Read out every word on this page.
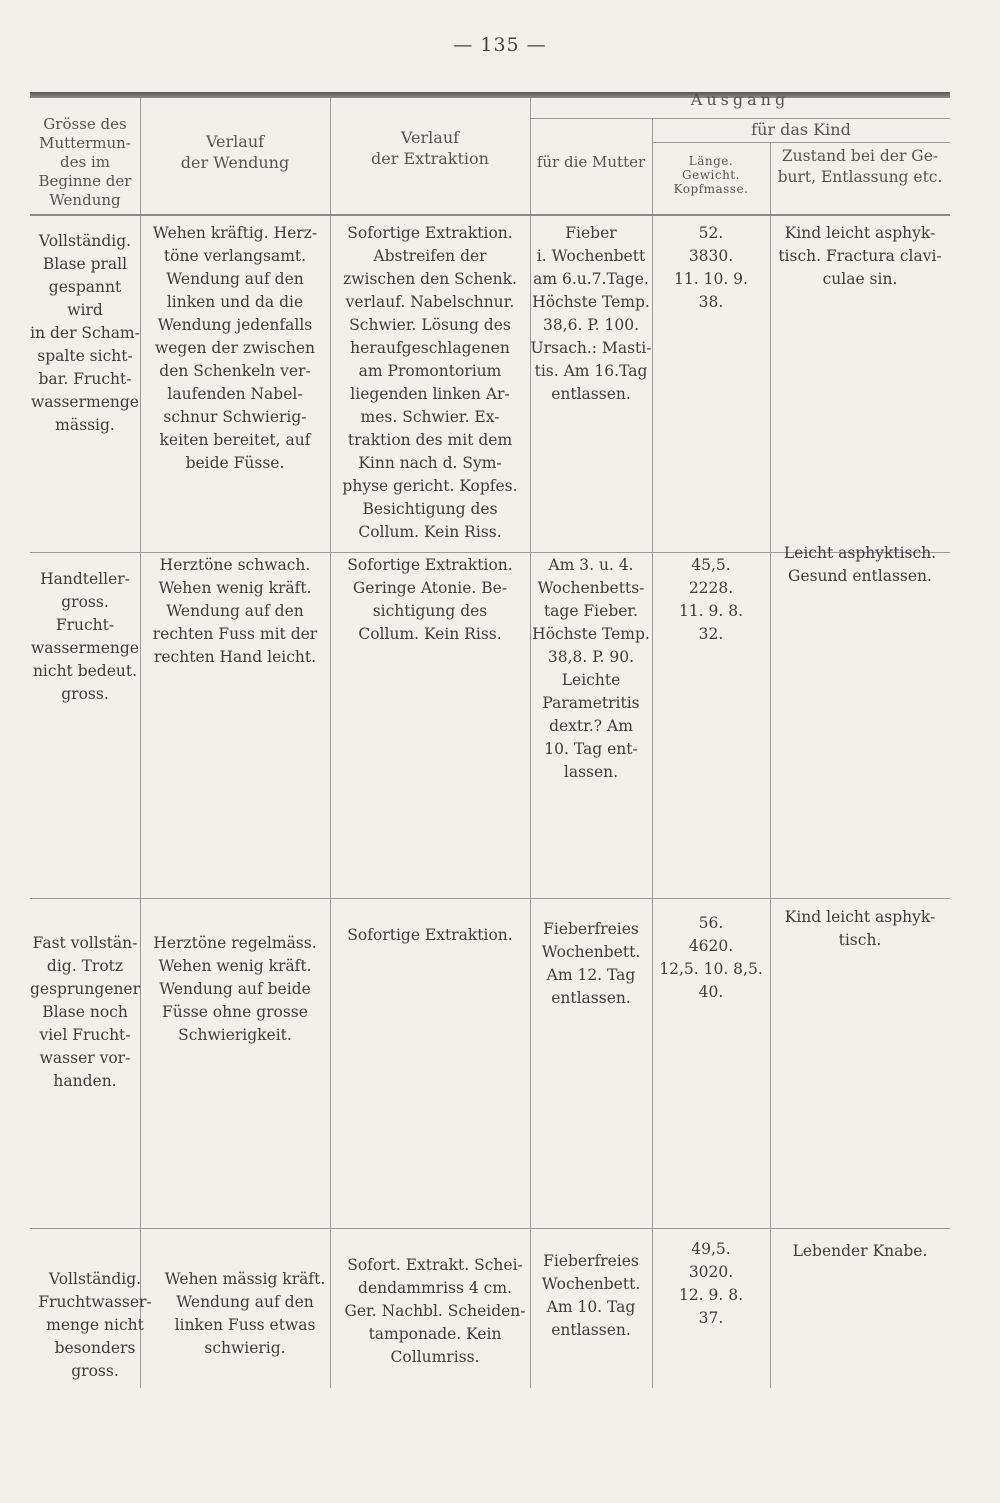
— 135 —
Grösse des
Muttermun-
des im
Beginne der
Wendung
Verlauf
der Wendung
Verlauf
der Extraktion
Ausgang
für das Kind
für die Mutter	Länge.
Gewicht.
Kopfmasse.
Zustand bei der Ge-
burt, Entlassung etc.
Vollständig.
Blase prall
gespannt wird
in der Scham-
spalte sicht-
bar. Frucht-
wassermenge
mässig.
Wehen kräftig. Herz-
töne verlangsamt.
Wendung auf den
linken und da die
Wendung jedenfalls
wegen der zwischen
den Schenkeln ver-
laufenden Nabel-
schnur Schwierig-
keiten bereitet, auf
beide Füsse.
Sofortige Extraktion.
Abstreifen der
zwischen den Schenk.
verlauf. Nabelschnur.
Schwier. Lösung des
heraufgeschlagenen
am Promontorium
liegenden linken Ar-
mes. Schwier. Ex-
traktion des mit dem
Kinn nach d. Sym-
physe gericht. Kopfes.
Besichtigung des
Collum. Kein Riss.
Fieber
i. Wochenbett
am 6.u.7.Tage.
Höchste Temp.
38,6. P. 100.
Ursach.: Masti-
tis. Am 16.Tag
entlassen.
52.
3830.
11. 10. 9.
38.
Kind leicht asphyk-
tisch. Fractura clavi-
culae sin.
Handteller-
gross. Frucht-
wassermenge
nicht bedeut.
gross.
Herztöne schwach.
Wehen wenig kräft.
Wendung auf den
rechten Fuss mit der
rechten Hand leicht.
Sofortige Extraktion.
Geringe Atonie. Be-
sichtigung des
Collum. Kein Riss.
Am 3. u. 4.
Wochenbetts-
tage Fieber.
Höchste Temp.
38,8. P. 90.
Leichte
Parametritis
dextr.? Am
10. Tag ent-
lassen.
45,5.
2228.
11. 9. 8.
32.
Leicht asphyktisch.
Gesund entlassen.
Fast vollstän-
dig. Trotz
gesprungener
Blase noch
viel Frucht-
wasser vor-
handen.
Herztöne regelmäss.
Wehen wenig kräft.
Wendung auf beide
Füsse ohne grosse
Schwierigkeit.
Sofortige Extraktion.	Fieberfreies
Wochenbett.
Am 12. Tag
entlassen.
56.
4620.
12,5. 10. 8,5.
40.
Kind leicht asphyk-
tisch.
Vollständig.
Fruchtwasser-
menge nicht
besonders
gross.
Wehen mässig kräft.
Wendung auf den
linken Fuss etwas
schwierig.
Sofort. Extrakt. Schei-
dendammriss 4 cm.
Ger. Nachbl. Scheiden-
tamponade. Kein
Collumriss.
Fieberfreies
Wochenbett.
Am 10. Tag
entlassen.
49,5.
3020.
12. 9. 8.
37.
Lebender Knabe.
